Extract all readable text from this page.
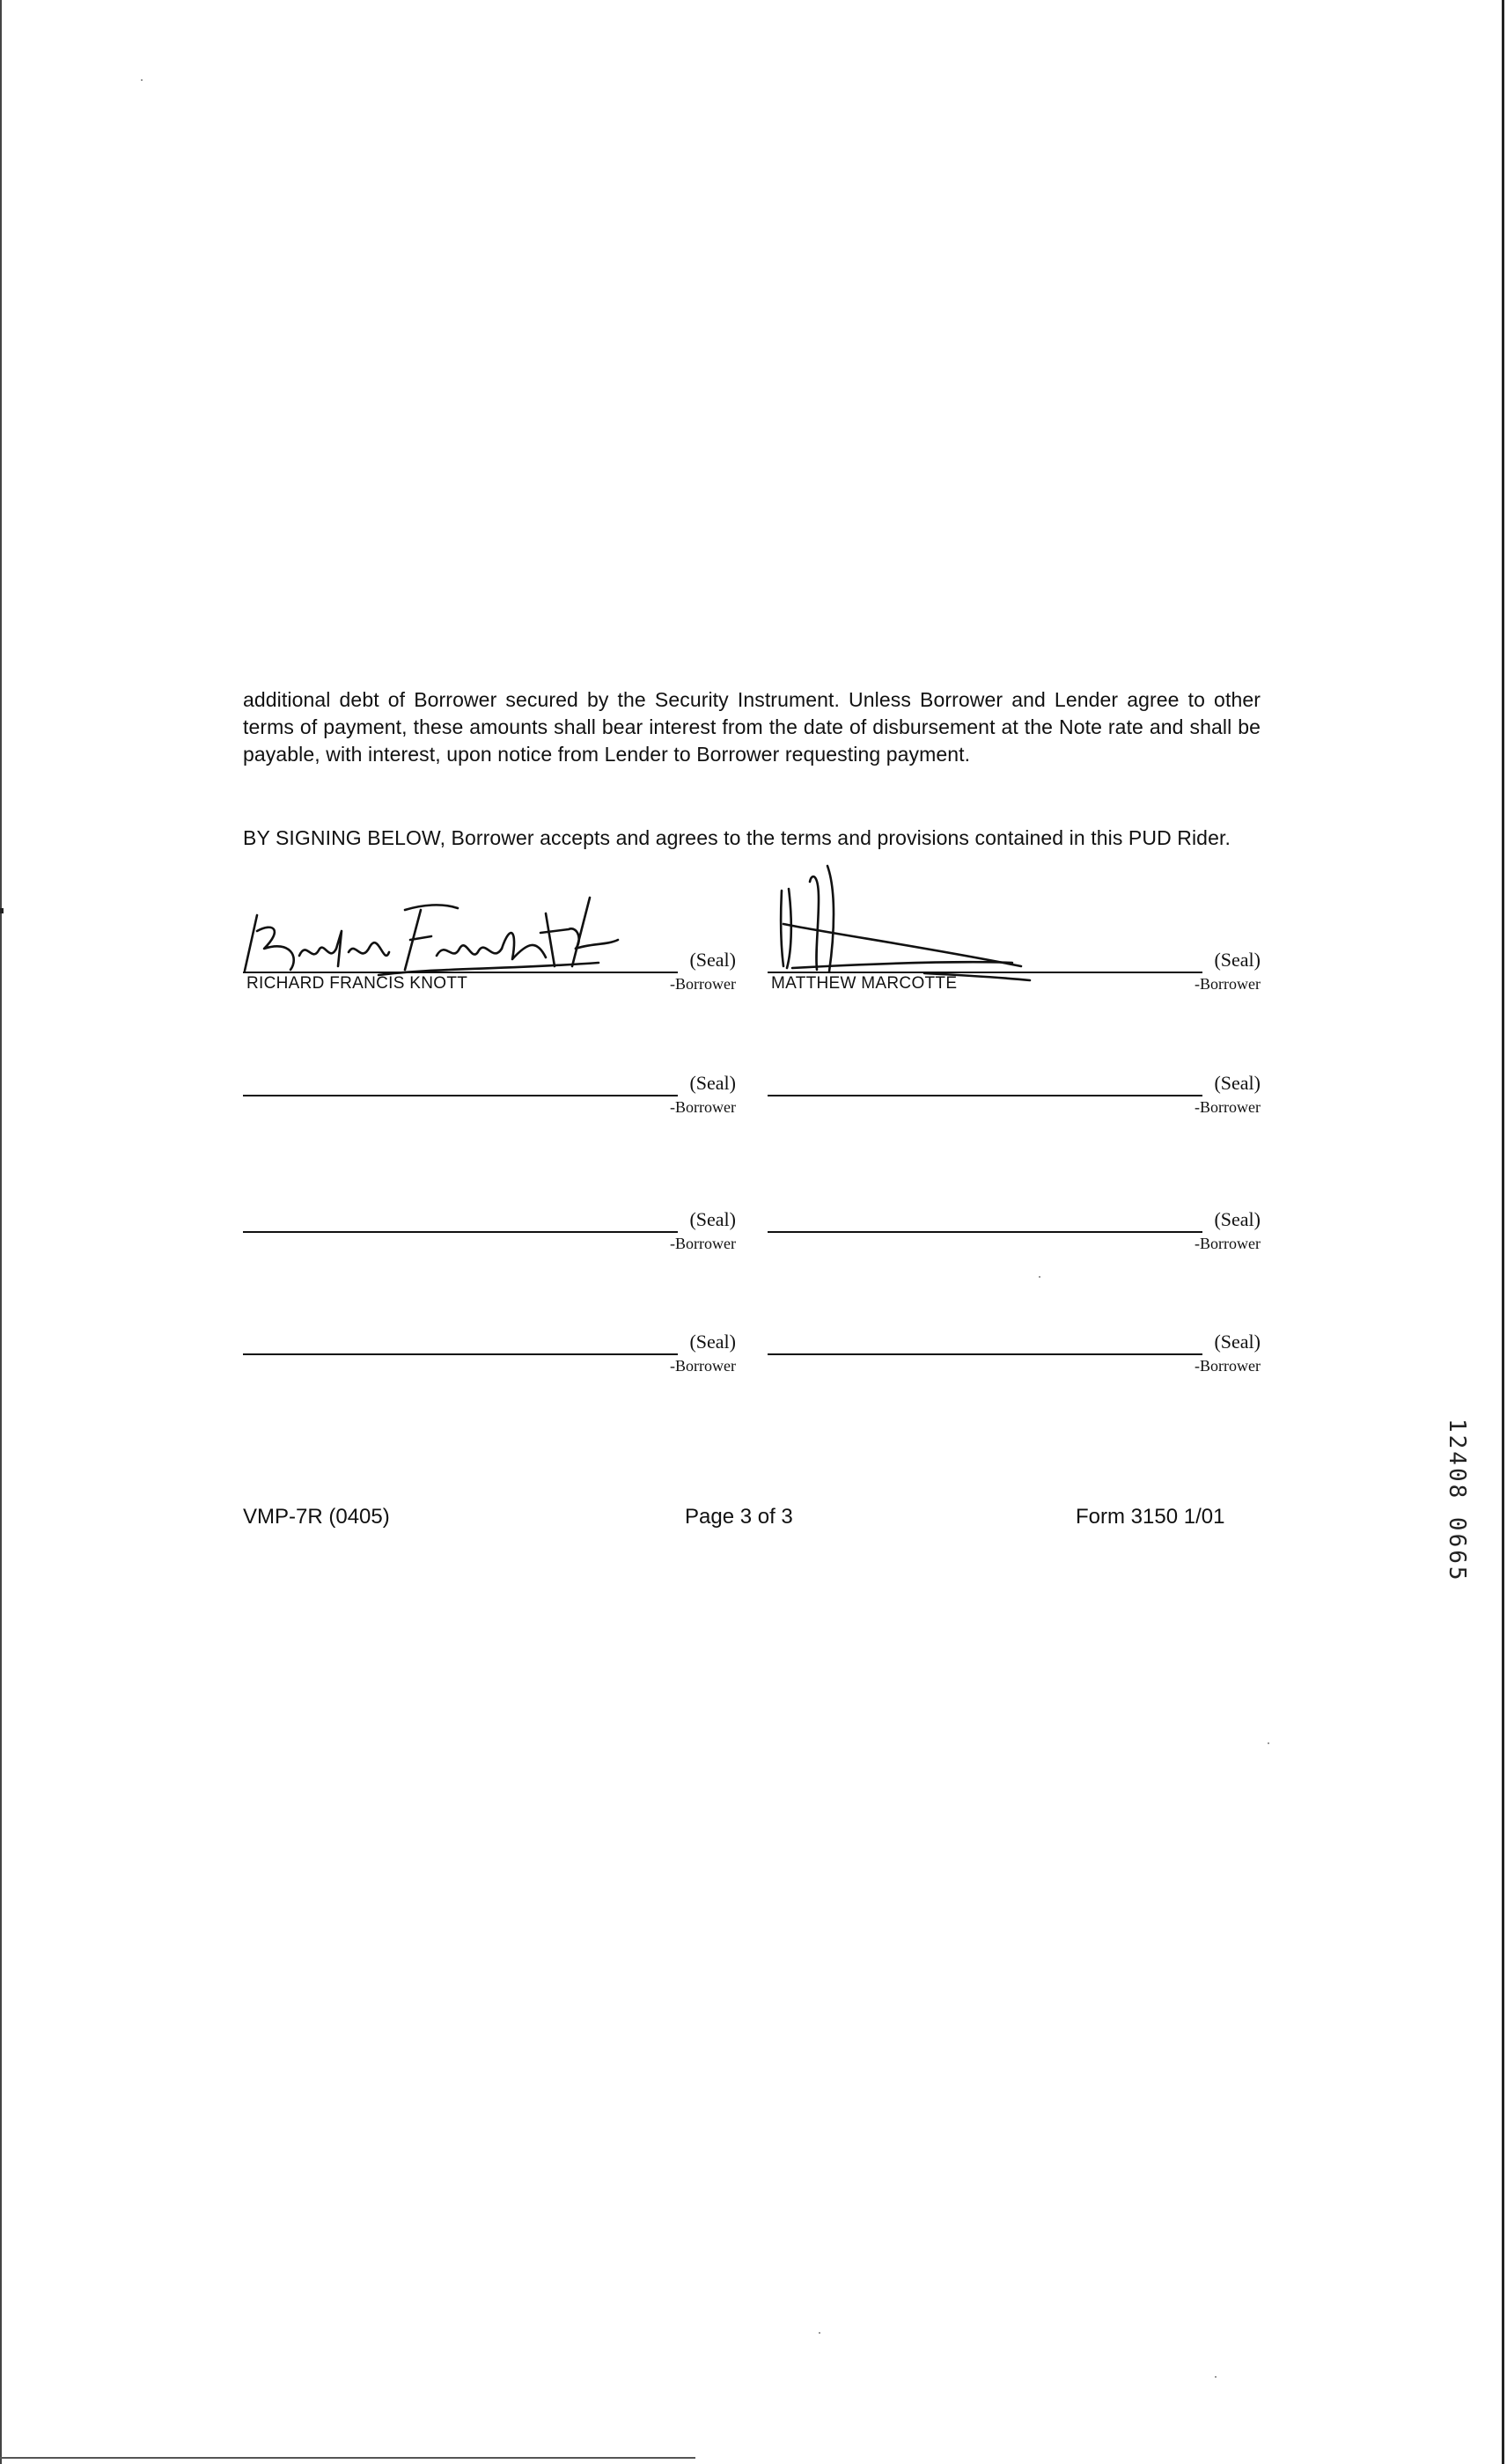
additional debt of Borrower secured by the Security Instrument. Unless Borrower and Lender agree to other terms of payment, these amounts shall bear interest from the date of disbursement at the Note rate and shall be payable, with interest, upon notice from Lender to Borrower requesting payment.
BY SIGNING BELOW, Borrower accepts and agrees to the terms and provisions contained in this PUD Rider.
(Seal)
-Borrower
RICHARD FRANCIS KNOTT
(Seal)
-Borrower
MATTHEW MARCOTTE
(Seal)
-Borrower
(Seal)
-Borrower
(Seal)
-Borrower
(Seal)
-Borrower
(Seal)
-Borrower
(Seal)
-Borrower
VMP-7R (0405)	Page 3 of 3	Form 3150 1/01	12408 0665
